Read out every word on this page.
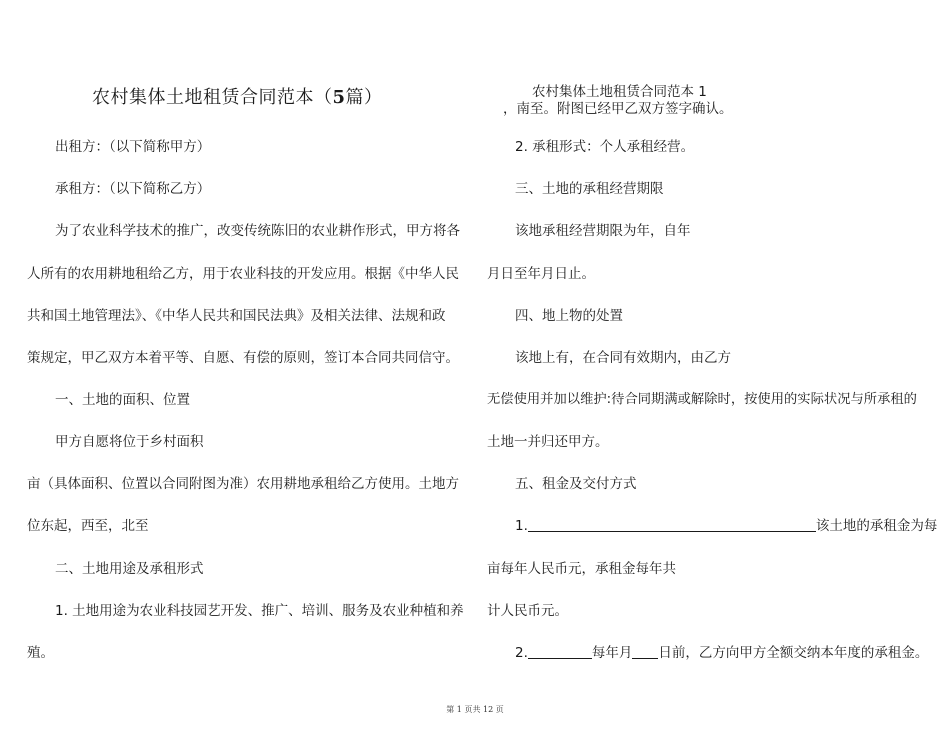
农村集体土地租赁合同范本（5篇）
出租方：（以下简称甲方）
承租方：（以下简称乙方）
为了农业科学技术的推广，改变传统陈旧的农业耕作形式，甲方将各
人所有的农用耕地租给乙方，用于农业科技的开发应用。根据《中华人民
共和国土地管理法》、《中华人民共和国民法典》及相关法律、法规和政
策规定，甲乙双方本着平等、自愿、有偿的原则，签订本合同共同信守。
一、土地的面积、位置
甲方自愿将位于乡村面积
亩（具体面积、位置以合同附图为准）农用耕地承租给乙方使用。土地方
位东起，西至，北至
二、土地用途及承租形式
1. 土地用途为农业科技园艺开发、推广、培训、服务及农业种植和养
殖。
农村集体土地租赁合同范本 1
，南至。附图已经甲乙双方签字确认。
2. 承租形式：个人承租经营。
三、土地的承租经营期限
该地承租经营期限为年，自年
月日至年月日止。
四、地上物的处置
该地上有，在合同有效期内，由乙方
无偿使用并加以维护:待合同期满或解除时，按使用的实际状况与所承租的
土地一并归还甲方。
五、租金及交付方式
1.	该土地的承租金为每
亩每年人民币元，承租金每年共
计人民币元。
2.	每年月 日前，乙方向甲方全额交纳本年度的承租金。
第 1 页共 12 页
